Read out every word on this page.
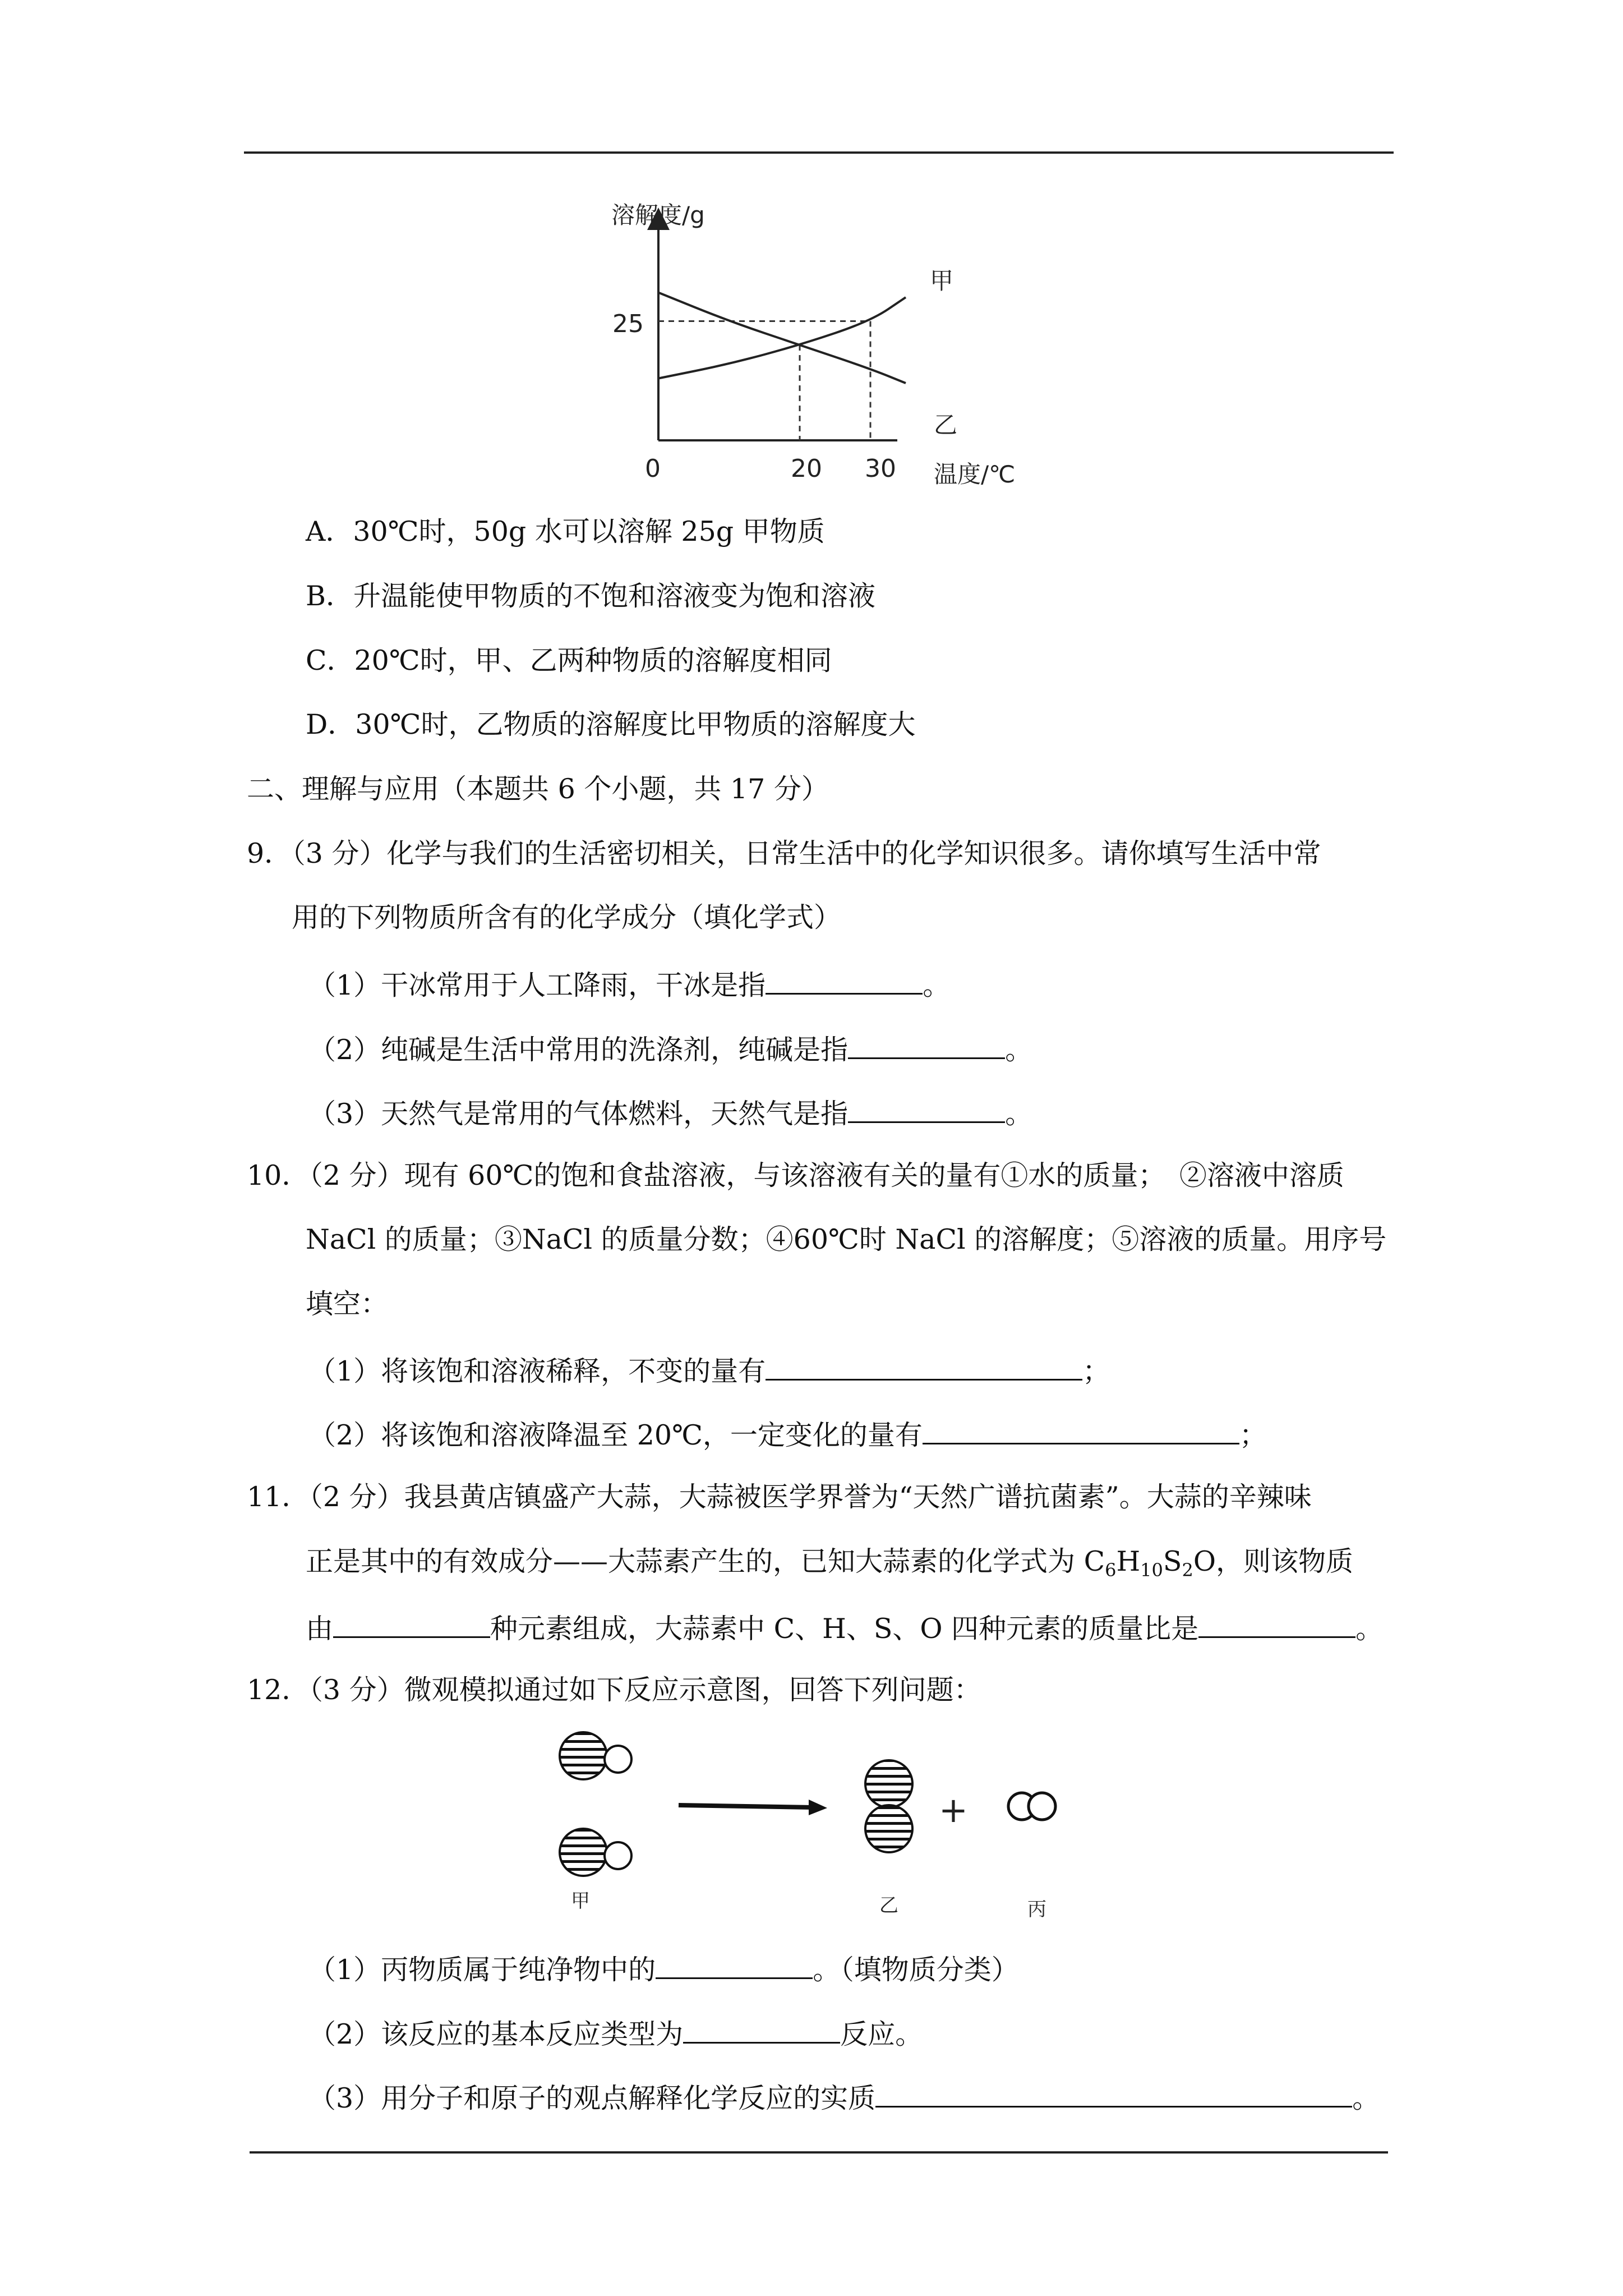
溶解度/g
温度/℃
0	20 30
25
甲
乙
A．30℃时，50g 水可以溶解 25g 甲物质
B．升温能使甲物质的不饱和溶液变为饱和溶液
C．20℃时，甲、乙两种物质的溶解度相同
D．30℃时，乙物质的溶解度比甲物质的溶解度大
二、理解与应用（本题共 6 个小题，共 17 分）
9．（3 分）化学与我们的生活密切相关，日常生活中的化学知识很多。请你填写生活中常
用的下列物质所含有的化学成分（填化学式）
（1）干冰常用于人工降雨，干冰是指	。
（2）纯碱是生活中常用的洗涤剂，纯碱是指	。
（3）天然气是常用的气体燃料，天然气是指	。
10．（2 分）现有 60℃的饱和食盐溶液，与该溶液有关的量有①水的质量；　②溶液中溶质
NaCl 的质量；③NaCl 的质量分数；④60℃时 NaCl 的溶解度；⑤溶液的质量。用序号
填空：
（1）将该饱和溶液稀释，不变的量有	；
（2）将该饱和溶液降温至 20℃，一定变化的量有	；
11．（2 分）我县黄店镇盛产大蒜，大蒜被医学界誉为“天然广谱抗菌素”。大蒜的辛辣味
正是其中的有效成分——大蒜素产生的，已知大蒜素的化学式为 $C_6H_{10}S_2O$，则该物质
由	种元素组成，大蒜素中 C、H、S、O 四种元素的质量比是	。
12．（3 分）微观模拟通过如下反应示意图，回答下列问题：
甲	乙
+
丙
（1）丙物质属于纯净物中的	。（填物质分类）
（2）该反应的基本反应类型为	反应。
（3）用分子和原子的观点解释化学反应的实质	。
